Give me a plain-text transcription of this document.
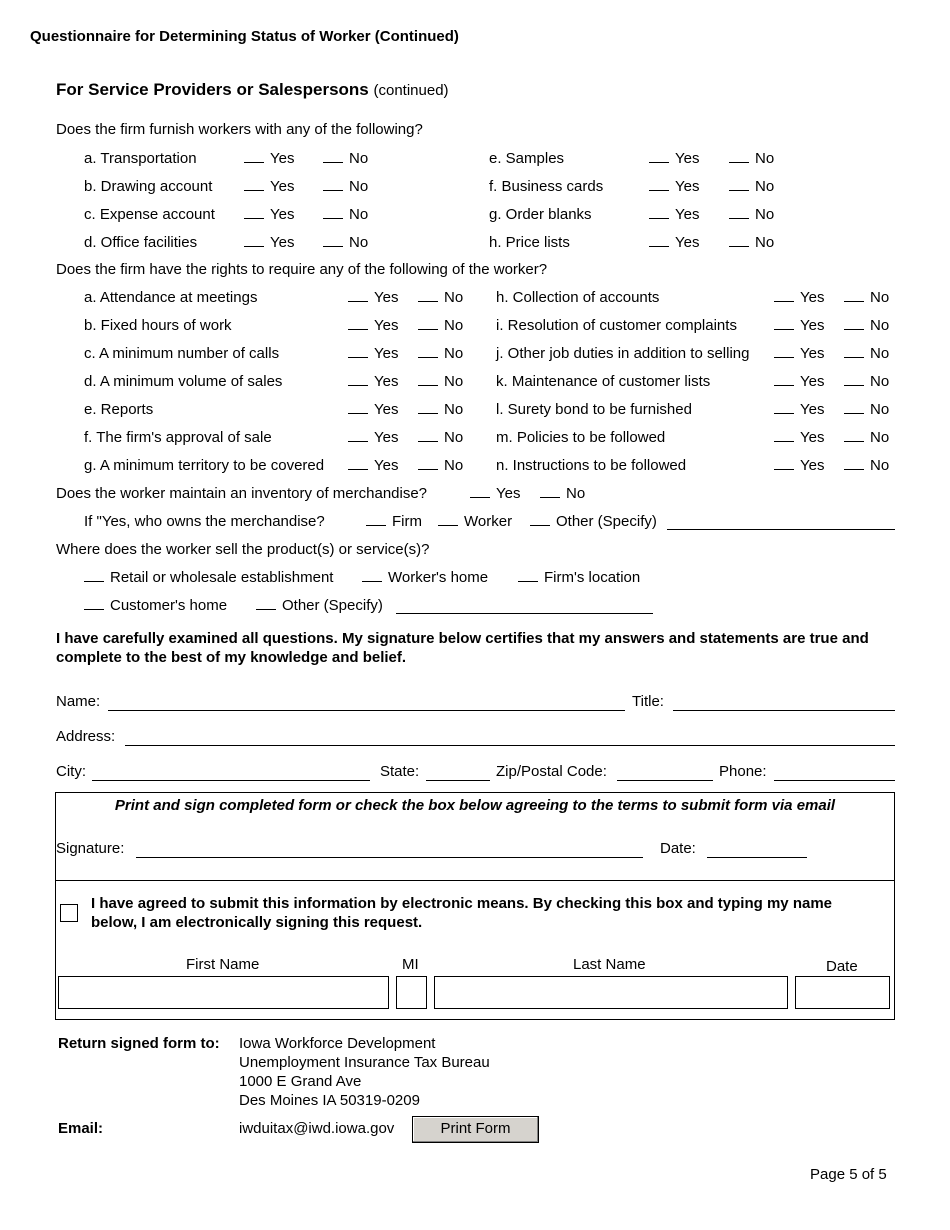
Questionnaire for Determining Status of Worker (Continued)
For Service Providers or Salespersons (continued)
Does the firm furnish workers with any of the following?
a. Transportation	Yes	No
b. Drawing account	Yes	No
c. Expense account	Yes	No
d. Office facilities	Yes	No
e. Samples	Yes	No
f. Business cards	Yes	No
g. Order blanks	Yes	No
h. Price lists	Yes	No
Does the firm have the rights to require any of the following of the worker?
a. Attendance at meetings	Yes	No
b. Fixed hours of work	Yes	No
c. A minimum number of calls	Yes	No
d. A minimum volume of sales	Yes	No
e. Reports	Yes	No
f. The firm's approval of sale	Yes	No
g. A minimum territory to be covered	Yes	No
h. Collection of accounts	Yes	No
i. Resolution of customer complaints	Yes	No
j. Other job duties in addition to selling	Yes	No
k. Maintenance of customer lists	Yes	No
l. Surety bond to be furnished	Yes	No
m. Policies to be followed	Yes	No
n. Instructions to be followed	Yes	No
Does the worker maintain an inventory of merchandise?	Yes	No
If "Yes, who owns the merchandise?	Firm	Worker	Other (Specify)
Where does the worker sell the product(s) or service(s)?
Retail or wholesale establishment	Worker's home	Firm's location
Customer's home	Other (Specify)
I have carefully examined all questions. My signature below certifies that my answers and statements are true and complete to the best of my knowledge and belief.
Name:	Title:
Address:
City:	State:	Zip/Postal Code:	Phone:
Print and sign completed form or check the box below agreeing to the terms to submit form via email
Signature:	Date:
I have agreed to submit this information by electronic means. By checking this box and typing my name below, I am electronically signing this request.
First Name	MI	Last Name	Date
Return signed form to: Iowa Workforce Development
Unemployment Insurance Tax Bureau
1000 E Grand Ave
Des Moines IA 50319-0209
Email:	iwduitax@iwd.iowa.gov	Print Form
Page 5 of 5
